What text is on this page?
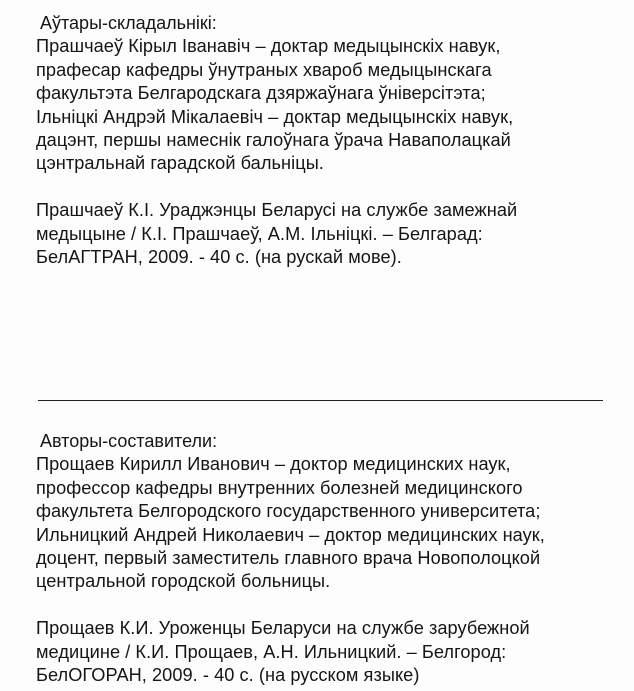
Аўтары-складальнікі:
Прашчаеў Кірыл Іванавіч – доктар медыцынскіх навук,
прафесар кафедры ўнутраных хвароб медыцынскага
факультэта Белгародскага дзяржаўнага ўніверсітэта;
Ільніцкі Андрэй Мікалаевіч – доктар медыцынскіх навук,
дацэнт, першы намеснік галоўнага ўрача Наваполацкай
цэнтральнай гарадской бальніцы.
Прашчаеў К.І. Ураджэнцы Беларусі на службе замежнай
медыцыне / К.І. Прашчаеў, А.М. Ільніцкі. – Белгарад:
БелАГТРАН, 2009. - 40 с. (на рускай мове).
Авторы-составители:
Прощаев Кирилл Иванович – доктор медицинских наук,
профессор кафедры внутренних болезней медицинского
факультета Белгородского государственного университета;
Ильницкий Андрей Николаевич – доктор медицинских наук,
доцент, первый заместитель главного врача Новополоцкой
центральной городской больницы.
Прощаев К.И. Уроженцы Беларуси на службе зарубежной
медицине / К.И. Прощаев, А.Н. Ильницкий. – Белгород:
БелОГОРАН, 2009. - 40 с. (на русском языке)
